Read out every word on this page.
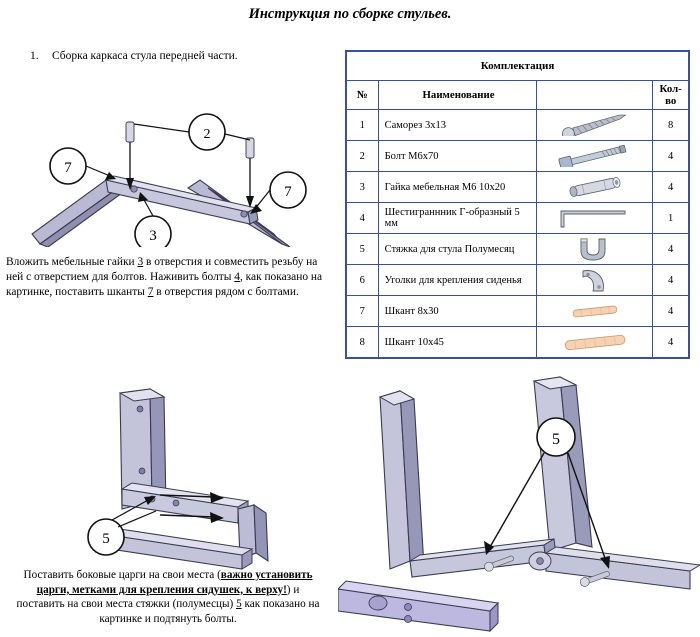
Инструкция по сборке стульев.
1. Сборка каркаса стула передней части.
2
7
7
3
Вложить мебельные гайки 3 в отверстия и совместить резьбу на ней с отверстием для болтов. Наживить болты 4, как показано на картинке, поставить шканты 7 в отверстия рядом с болтами.
Комплектация			
№	Наименование		Кол-во
1	Саморез 3х13		8
2	Болт М6х70		4
3	Гайка мебельная М6 10х20		4
4	Шестиграннник Г-образный 5 мм		1
5	Стяжка для стула Полумесяц		4
6	Уголки для крепления сиденья		4
7	Шкант 8х30		4
8	Шкант 10х45		4
5
Поставить боковые царги на свои места (важно установить
царги, метками для крепления сидушек, к верху!) и
поставить на свои места стяжки (полумесцы) 5 как показано на
картинке и подтянуть болты.
5
